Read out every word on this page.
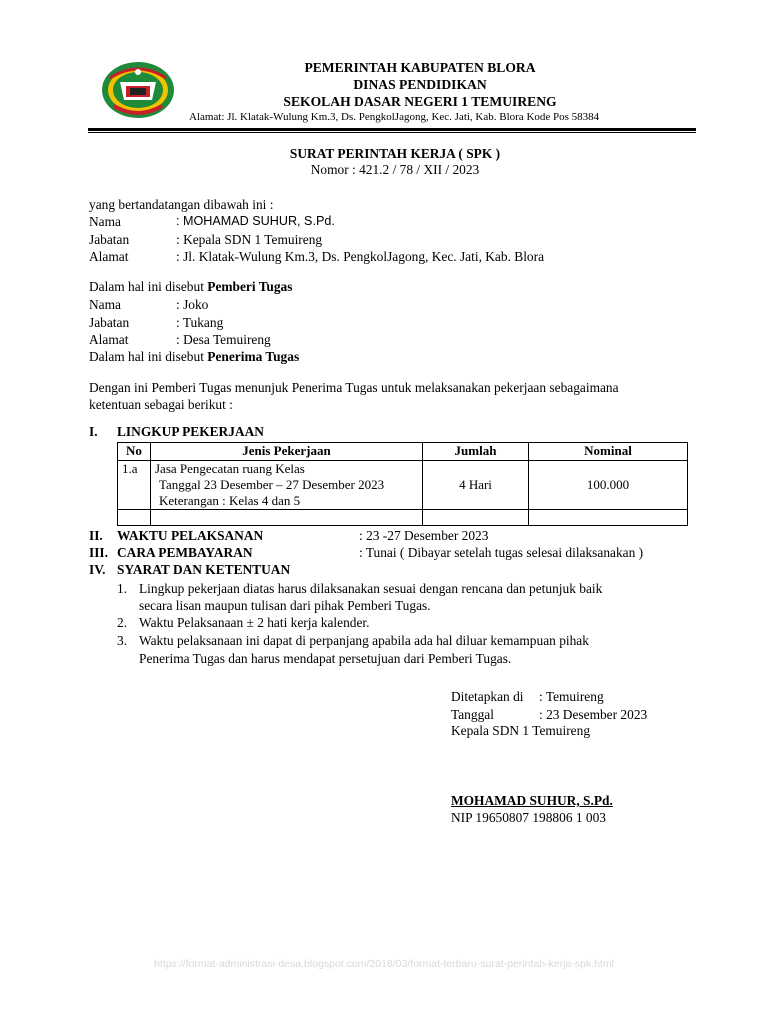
PEMERINTAH KABUPATEN BLORA
DINAS PENDIDIKAN
SEKOLAH DASAR NEGERI 1 TEMUIRENG
Alamat: Jl. Klatak-Wulung Km.3, Ds. PengkolJagong, Kec. Jati, Kab. Blora Kode Pos 58384
SURAT PERINTAH KERJA ( SPK )
Nomor : 421.2 / 78 / XII / 2023
yang bertandatangan dibawah ini :
Nama	: MOHAMAD SUHUR, S.Pd.
Jabatan	: Kepala SDN 1 Temuireng
Alamat	: Jl. Klatak-Wulung Km.3, Ds. PengkolJagong, Kec. Jati, Kab. Blora
Dalam hal ini disebut Pemberi Tugas
Nama	: Joko
Jabatan	: Tukang
Alamat	: Desa Temuireng
Dalam hal ini disebut Penerima Tugas
Dengan ini Pemberi Tugas menunjuk Penerima Tugas untuk melaksanakan pekerjaan sebagaimana
ketentuan sebagai berikut :
I. LINGKUP PEKERJAAN
No	Jenis Pekerjaan	Jumlah	Nominal
1.a	Jasa Pengecatan ruang Kelas
Tanggal 23 Desember – 27 Desember 2023
Keterangan : Kelas 4 dan 5	4 Hari	100.000

II. WAKTU PELAKSANAN	: 23 -27 Desember 2023
III. CARA PEMBAYARAN	: Tunai ( Dibayar setelah tugas selesai dilaksanakan )
IV. SYARAT DAN KETENTUAN
1. Lingkup pekerjaan diatas harus dilaksanakan sesuai dengan rencana dan petunjuk baik
secara lisan maupun tulisan dari pihak Pemberi Tugas.
2. Waktu Pelaksanaan ± 2 hati kerja kalender.
3. Waktu pelaksanaan ini dapat di perpanjang apabila ada hal diluar kemampuan pihak
Penerima Tugas dan harus mendapat persetujuan dari Pemberi Tugas.
Ditetapkan di : Temuireng
Tanggal	: 23 Desember 2023
Kepala SDN 1 Temuireng
MOHAMAD SUHUR, S.Pd.
NIP 19650807 198806 1 003
https://format-administrasi-desa.blogspot.com/2018/03/format-terbaru-surat-perintah-kerja-spk.html
